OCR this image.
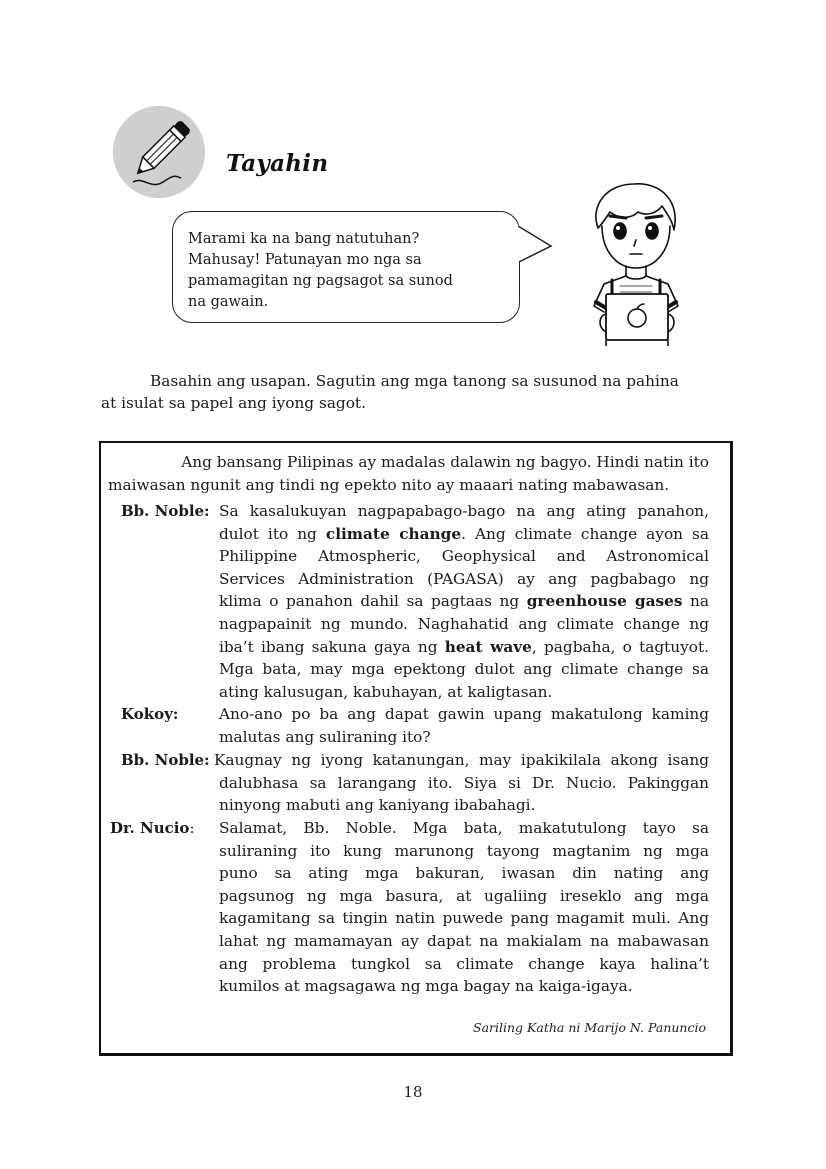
Tayahin
Marami ka na bang natutuhan?
Mahusay! Patunayan mo nga sa
pamamagitan ng pagsagot sa sunod
na gawain.
Basahin ang usapan. Sagutin ang mga tanong sa susunod na pahina
at isulat sa papel ang iyong sagot.
Ang bansang Pilipinas ay madalas dalawin ng bagyo. Hindi natin ito
maiwasan ngunit ang tindi ng epekto nito ay maaari nating mabawasan.
Bb. Noble: Sa kasalukuyan nagpapabago-bago na ang ating panahon,
dulot ito ng climate change. Ang climate change ayon sa
Philippine Atmospheric, Geophysical and Astronomical
Services Administration (PAGASA) ay ang pagbabago ng
klima o panahon dahil sa pagtaas ng greenhouse gases na
nagpapainit ng mundo. Naghahatid ang climate change ng
iba’t ibang sakuna gaya ng heat wave, pagbaha, o tagtuyot.
Mga bata, may mga epektong dulot ang climate change sa
ating kalusugan, kabuhayan, at kaligtasan.
Kokoy:	Ano-ano po ba ang dapat gawin upang makatulong kaming
malutas ang suliraning ito?
Bb. Noble: Kaugnay ng iyong katanungan, may ipakikilala akong isang
dalubhasa sa larangang ito. Siya si Dr. Nucio. Pakinggan
ninyong mabuti ang kaniyang ibabahagi.
Dr. Nucio: Salamat, Bb. Noble. Mga bata, makatutulong tayo sa
suliraning ito kung marunong tayong magtanim ng mga
puno sa ating mga bakuran, iwasan din nating ang
pagsunog ng mga basura, at ugaliing ireseklo ang mga
kagamitang sa tingin natin puwede pang magamit muli. Ang
lahat ng mamamayan ay dapat na makialam na mabawasan
ang problema tungkol sa climate change kaya halina’t
kumilos at magsagawa ng mga bagay na kaiga-igaya.
Sariling Katha ni Marijo N. Panuncio
18
